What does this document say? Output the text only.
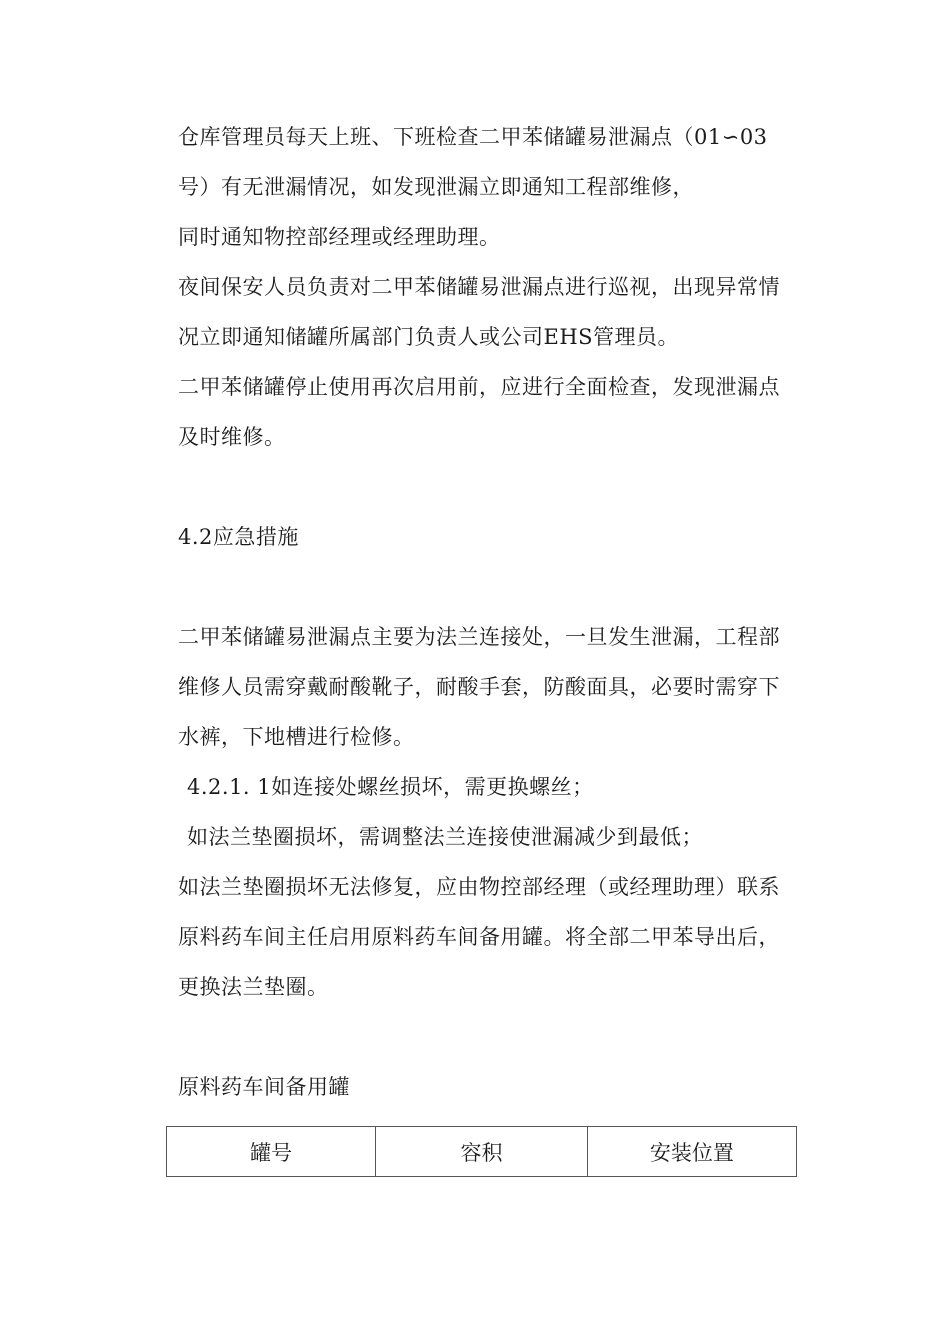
仓库管理员每天上班、下班检查二甲苯储罐易泄漏点（01∽03
号）有无泄漏情况，如发现泄漏立即通知工程部维修，
同时通知物控部经理或经理助理。
夜间保安人员负责对二甲苯储罐易泄漏点进行巡视，出现异常情
况立即通知储罐所属部门负责人或公司EHS管理员。
二甲苯储罐停止使用再次启用前，应进行全面检查，发现泄漏点
及时维修。
4.2应急措施
二甲苯储罐易泄漏点主要为法兰连接处，一旦发生泄漏，工程部
维修人员需穿戴耐酸靴子，耐酸手套，防酸面具，必要时需穿下
水裤，下地槽进行检修。
4.2.1. 1如连接处螺丝损坏，需更换螺丝；
如法兰垫圈损坏，需调整法兰连接使泄漏减少到最低；
如法兰垫圈损坏无法修复，应由物控部经理（或经理助理）联系
原料药车间主任启用原料药车间备用罐。将全部二甲苯导出后，
更换法兰垫圈。
原料药车间备用罐
罐号	容积	安装位置
